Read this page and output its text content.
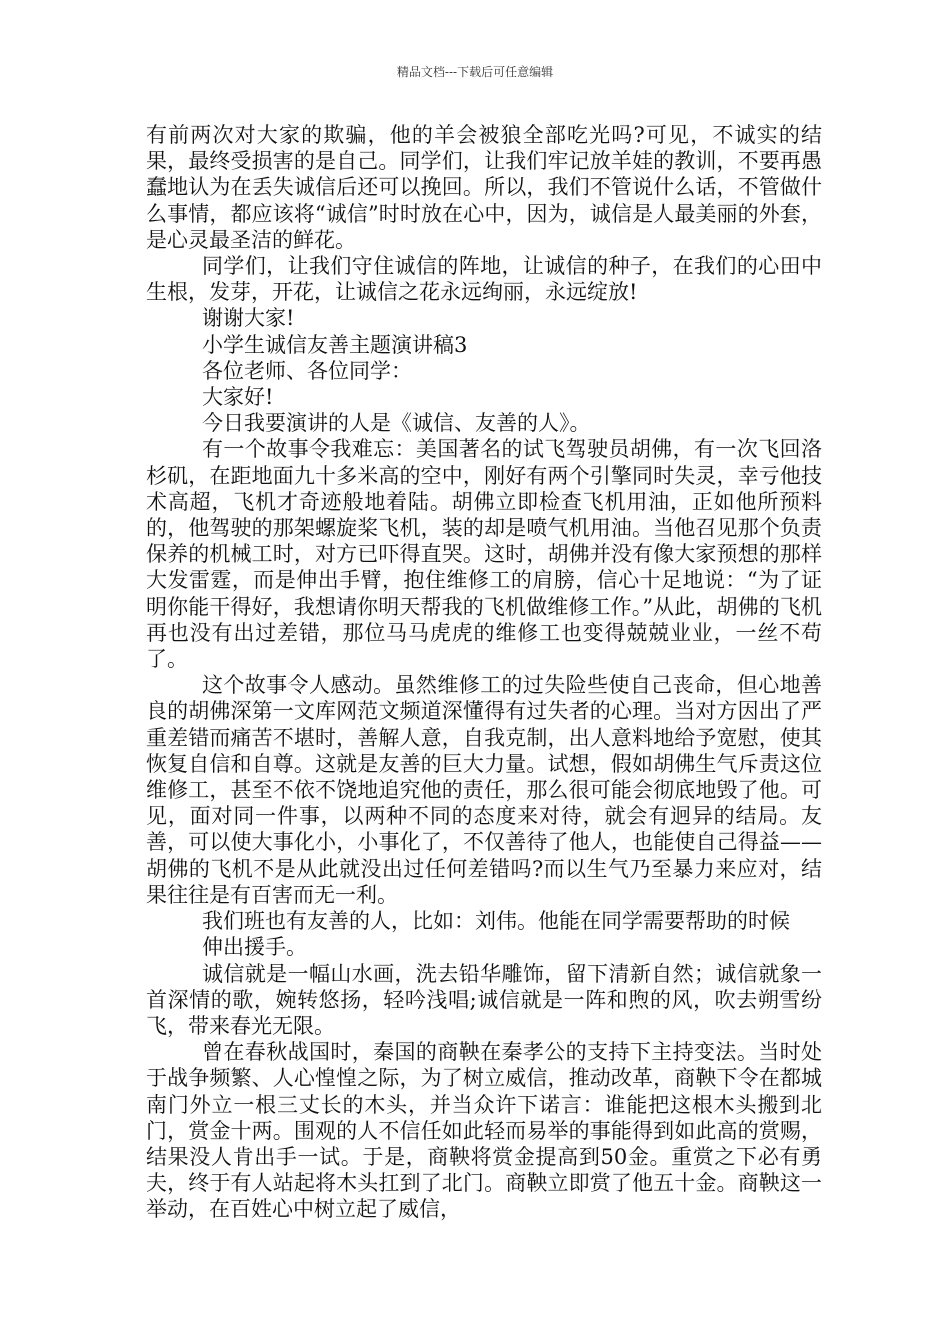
精品文档---下载后可任意编辑

有前两次对大家的欺骗，他的羊会被狼全部吃光吗?可见，不诚实的结果，最终受损害的是自己。同学们，让我们牢记放羊娃的教训，不要再愚蠢地认为在丢失诚信后还可以挽回。所以，我们不管说什么话，不管做什么事情，都应该将“诚信”时时放在心中，因为，诚信是人最美丽的外套，是心灵最圣洁的鲜花。

同学们，让我们守住诚信的阵地，让诚信的种子，在我们的心田中生根，发芽，开花，让诚信之花永远绚丽，永远绽放!

谢谢大家!

小学生诚信友善主题演讲稿3

各位老师、各位同学：

大家好!

今日我要演讲的人是《诚信、友善的人》。

有一个故事令我难忘：美国著名的试飞驾驶员胡佛，有一次飞回洛杉矶，在距地面九十多米高的空中，刚好有两个引擎同时失灵，幸亏他技术高超，飞机才奇迹般地着陆。胡佛立即检查飞机用油，正如他所预料的，他驾驶的那架螺旋桨飞机，装的却是喷气机用油。当他召见那个负责保养的机械工时，对方已吓得直哭。这时，胡佛并没有像大家预想的那样大发雷霆，而是伸出手臂，抱住维修工的肩膀，信心十足地说：“为了证明你能干得好，我想请你明天帮我的飞机做维修工作。”从此，胡佛的飞机再也没有出过差错，那位马马虎虎的维修工也变得兢兢业业，一丝不苟了。

这个故事令人感动。虽然维修工的过失险些使自己丧命，但心地善良的胡佛深第一文库网范文频道深懂得有过失者的心理。当对方因出了严重差错而痛苦不堪时，善解人意，自我克制，出人意料地给予宽慰，使其恢复自信和自尊。这就是友善的巨大力量。试想，假如胡佛生气斥责这位维修工，甚至不依不饶地追究他的责任，那么很可能会彻底地毁了他。可见，面对同一件事，以两种不同的态度来对待，就会有迥异的结局。友善，可以使大事化小，小事化了，不仅善待了他人，也能使自己得益——胡佛的飞机不是从此就没出过任何差错吗?而以生气乃至暴力来应对，结果往往是有百害而无一利。

我们班也有友善的人，比如：刘伟。他能在同学需要帮助的时候

伸出援手。

诚信就是一幅山水画，洗去铅华雕饰，留下清新自然；诚信就象一首深情的歌，婉转悠扬，轻吟浅唱;诚信就是一阵和煦的风，吹去朔雪纷飞，带来春光无限。

曾在春秋战国时，秦国的商鞅在秦孝公的支持下主持变法。当时处于战争频繁、人心惶惶之际，为了树立威信，推动改革，商鞅下令在都城南门外立一根三丈长的木头，并当众许下诺言：谁能把这根木头搬到北门，赏金十两。围观的人不信任如此轻而易举的事能得到如此高的赏赐，结果没人肯出手一试。于是，商鞅将赏金提高到50金。重赏之下必有勇夫，终于有人站起将木头扛到了北门。商鞅立即赏了他五十金。商鞅这一举动，在百姓心中树立起了威信，
